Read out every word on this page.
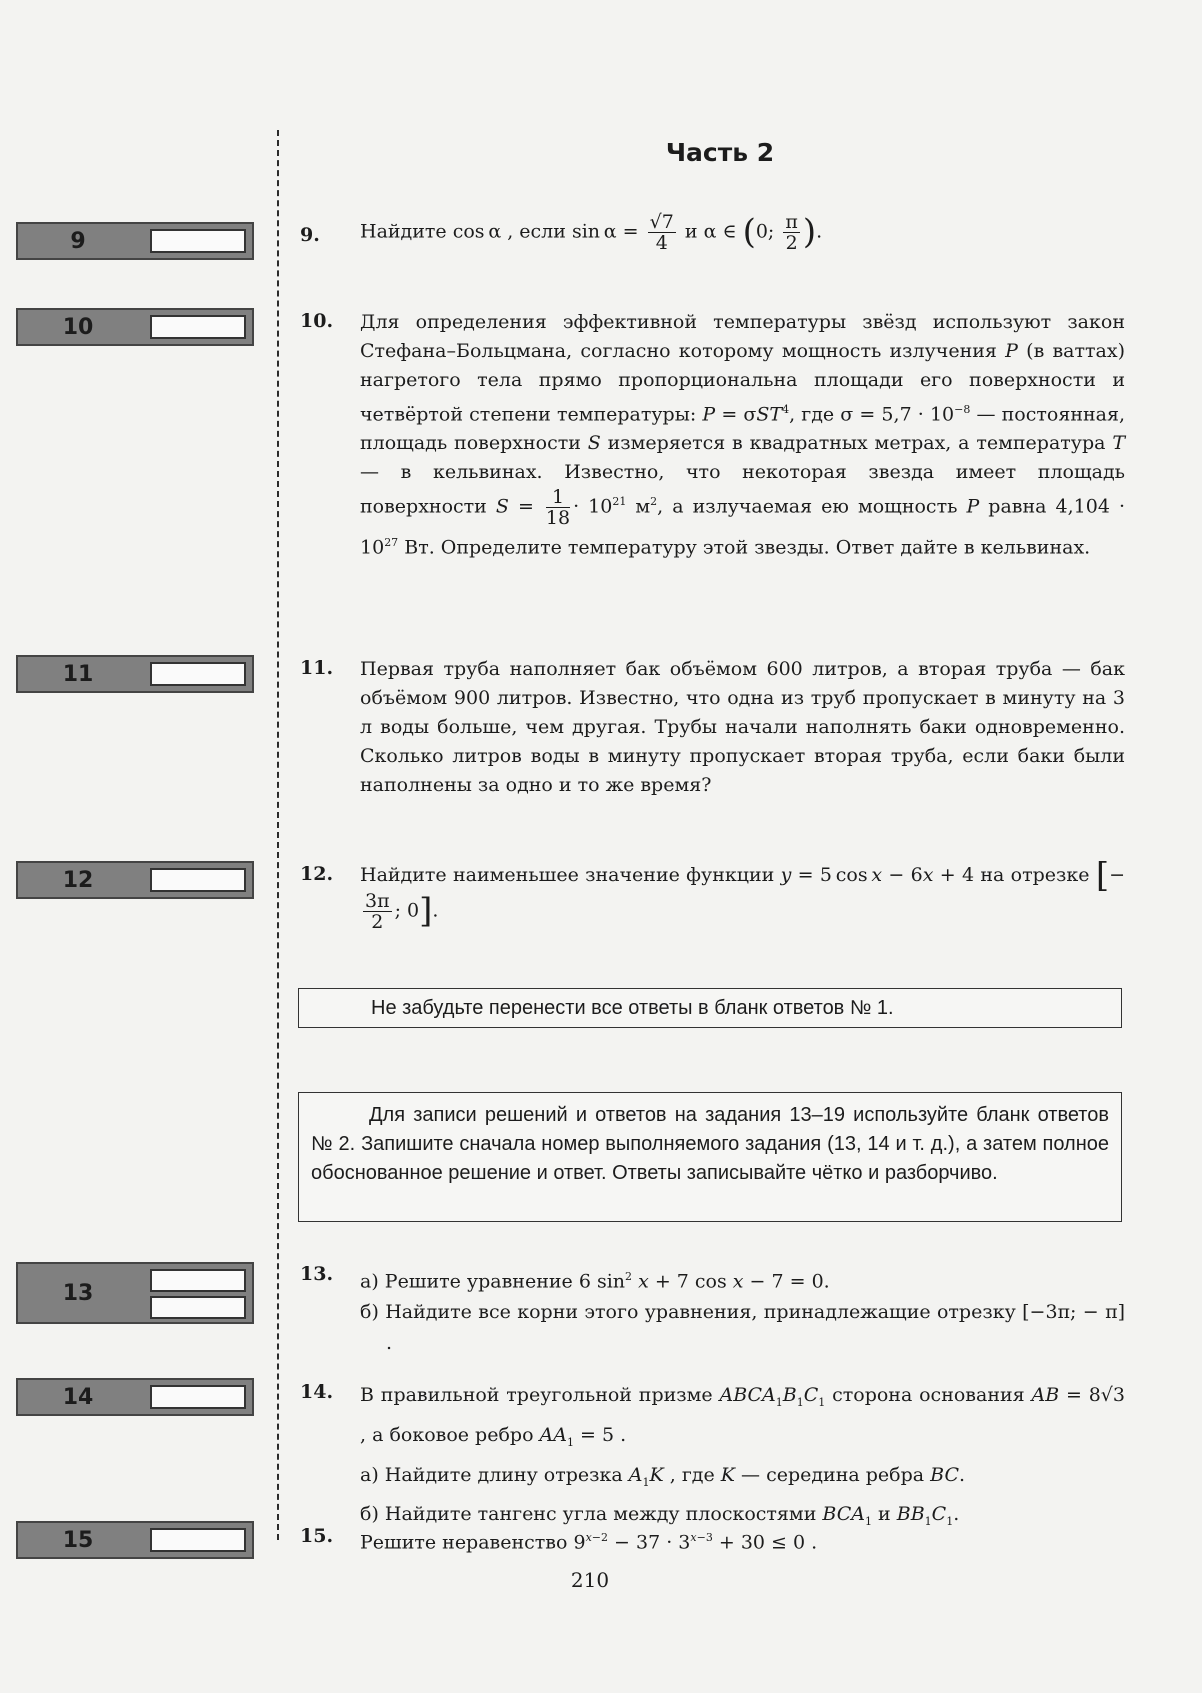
Часть 2
9
10
11
12
13
14
15
9.	Найдите cos α , если $\sin \alpha = \frac{√7}{4}$ и α ∈ (0; $\frac{\pi}{2}$ ).

10.	Для определения эффективной температуры звёзд используют закон Стефана–Больцмана, согласно которому мощность излучения P (в ваттах) нагретого тела прямо пропорциональна площади его поверхности и четвёртой степени температуры: P = σST$^4$, где $\sigma = 5,7 \cdot 10^{-8}$ — постоянная, площадь поверхности S измеряется в квадратных метрах, а температура T — в кельвинах. Известно, что некоторая звезда имеет площадь поверхности $S = \frac{1}{18} \cdot 10^{21}$ $м^2$, а излучаемая ею мощность P равна $4,104 \cdot 10^{27}$ Вт. Определите температуру этой звезды. Ответ дайте в кельвинах.

11.	Первая труба наполняет бак объёмом 600 литров, а вторая труба — бак объёмом 900 литров. Известно, что одна из труб пропускает в минуту на 3 л воды больше, чем другая. Трубы начали наполнять баки одновременно. Сколько литров воды в минуту пропускает вторая труба, если баки были наполнены за одно и то же время?

12.	Найдите наименьшее значение функции y = 5 cos x − 6x + 4 на отрезке [−
$\frac{3\pi}{2}$ ; 0].

Не забудьте перенести все ответы в бланк ответов № 1.
Для записи решений и ответов на задания 13–19 используйте бланк ответов № 2. Запишите сначала номер выполняемого задания (13, 14 и т. д.), а затем полное обоснованное решение и ответ. Ответы записывайте чётко и разборчиво.
13.	а) Решите уравнение 6 $\sin^2 x + 7$ cos x − 7 = 0.

б) Найдите все корни этого уравнения, принадлежащие отрезку [−3π; − π] .

14.	В правильной треугольной призме $ABCA_1B_1C_1$ сторона основания AB = 8√3 , а боковое ребро $AA_1 = 5$ .

а) Найдите длину отрезка $A_1K$ , где K — середина ребра BC.

б) Найдите тангенс угла между плоскостями $BCA_1$ и $BB_1C_1$.

15.	Решите неравенство $9^{x-2} - 37 \cdot 3^{x-3} + 30 \le 0$ .

210
